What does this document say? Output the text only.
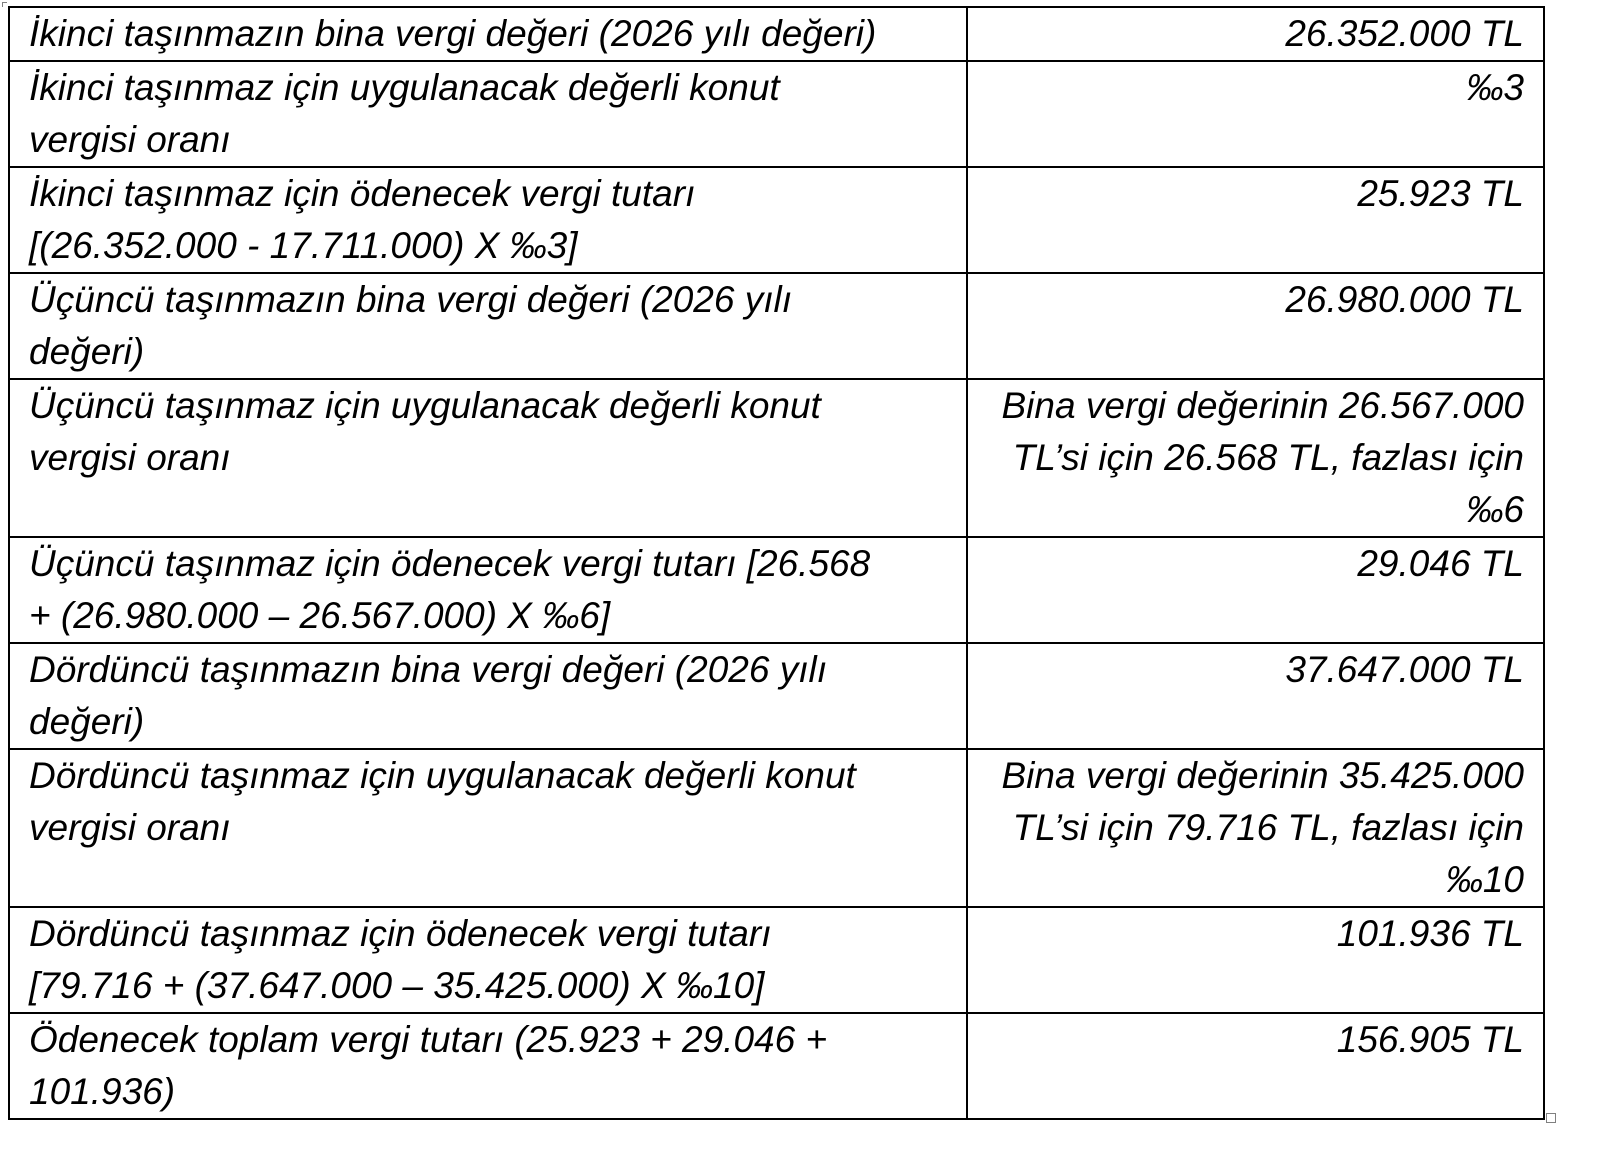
İkinci taşınmazın bina vergi değeri (2026 yılı değeri)	26.352.000 TL

İkinci taşınmaz için uygulanacak değerli konut
vergisi oranı	‰3

İkinci taşınmaz için ödenecek vergi tutarı
[(26.352.000 - 17.711.000) X ‰3]	25.923 TL

Üçüncü taşınmazın bina vergi değeri (2026 yılı
değeri)	26.980.000 TL

Üçüncü taşınmaz için uygulanacak değerli konut
vergisi oranı	Bina vergi değerinin 26.567.000
TL’si için 26.568 TL, fazlası için
‰6

Üçüncü taşınmaz için ödenecek vergi tutarı [26.568
+ (26.980.000 – 26.567.000) X ‰6]	29.046 TL

Dördüncü taşınmazın bina vergi değeri (2026 yılı
değeri)	37.647.000 TL

Dördüncü taşınmaz için uygulanacak değerli konut
vergisi oranı	Bina vergi değerinin 35.425.000
TL’si için 79.716 TL, fazlası için
‰10

Dördüncü taşınmaz için ödenecek vergi tutarı
[79.716 + (37.647.000 – 35.425.000) X ‰10]	101.936 TL

Ödenecek toplam vergi tutarı (25.923 + 29.046 +
101.936)	156.905 TL
